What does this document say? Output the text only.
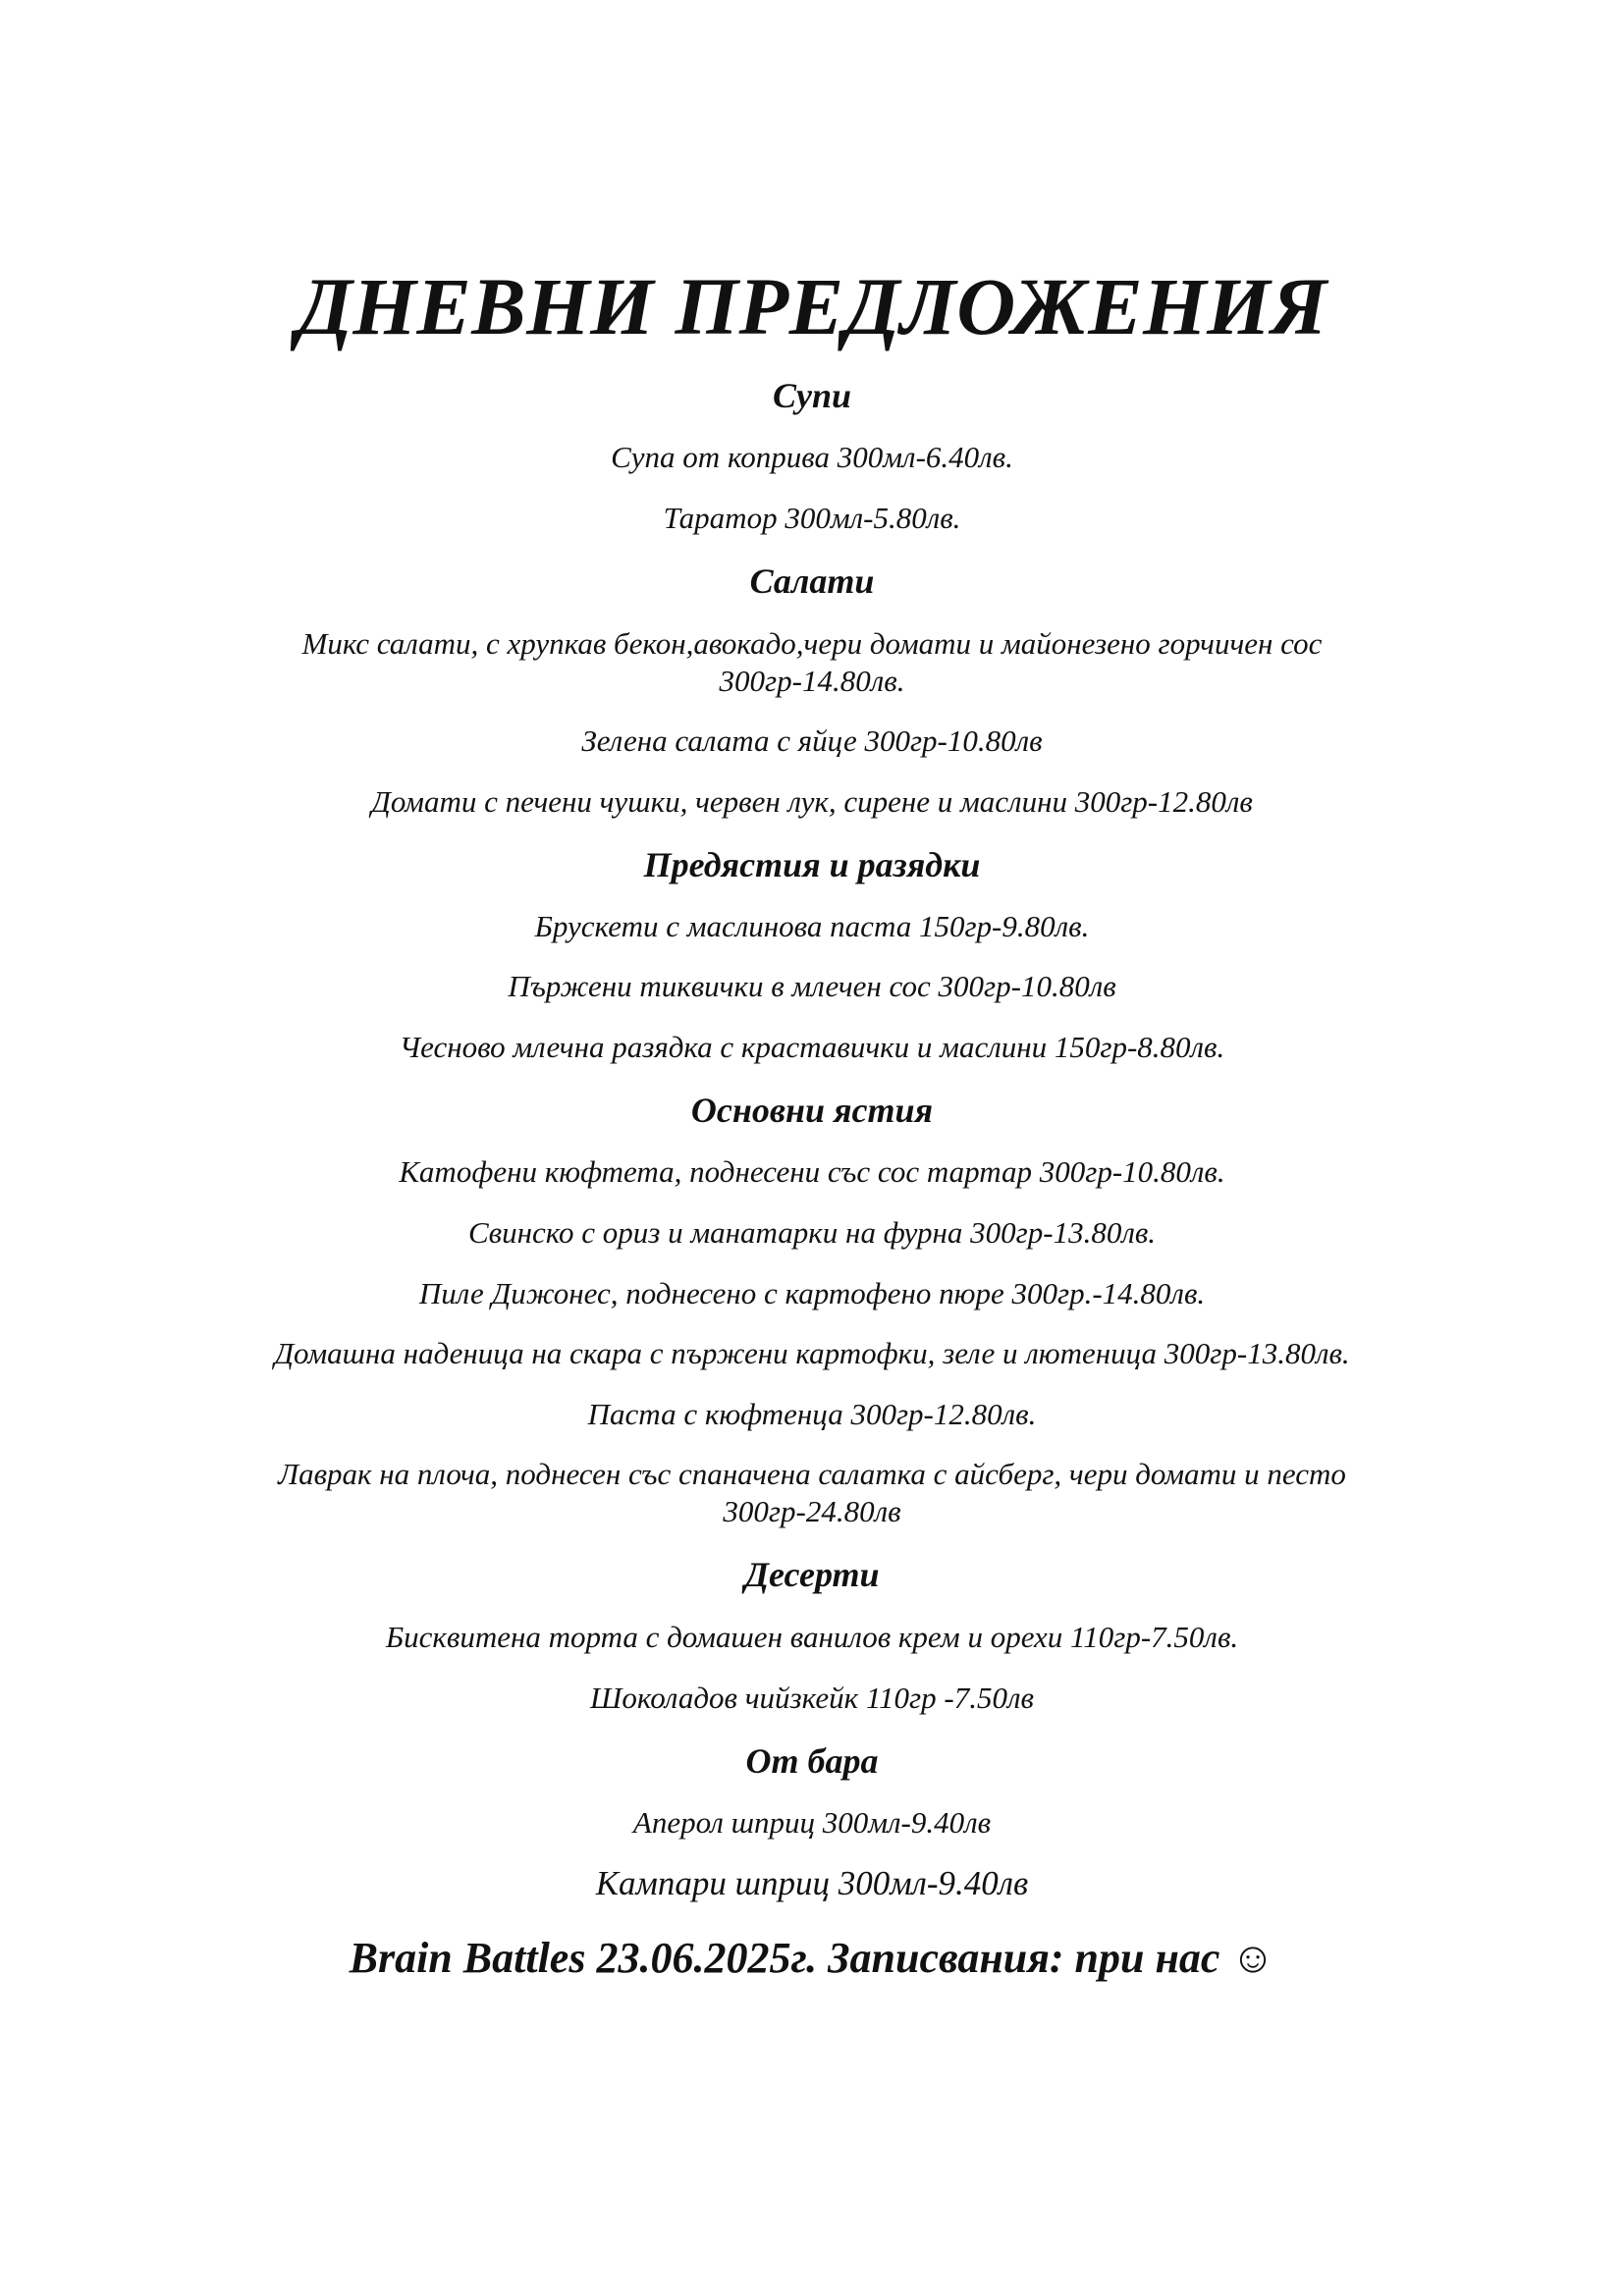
ДНЕВНИ ПРЕДЛОЖЕНИЯ
Супи
Супа от коприва 300мл-6.40лв.
Таратор 300мл-5.80лв.
Салати
Микс салати, с хрупкав бекон,авокадо,чери домати и майонезено горчичен сос 300гр-14.80лв.
Зелена салата с яйце 300гр-10.80лв
Домати с печени чушки, червен лук, сирене и маслини 300гр-12.80лв
Предястия и разядки
Брускети с маслинова паста 150гр-9.80лв.
Пържени тиквички в млечен сос 300гр-10.80лв
Чесново млечна разядка с краставички и маслини 150гр-8.80лв.
Основни ястия
Катофени кюфтета, поднесени със сос тартар 300гр-10.80лв.
Свинско с ориз и манатарки на фурна 300гр-13.80лв.
Пиле Дижонес, поднесено с картофено пюре 300гр.-14.80лв.
Домашна наденица на скара с пържени картофки, зеле и лютеница 300гр-13.80лв.
Паста с кюфтенца 300гр-12.80лв.
Лаврак на плоча, поднесен със спаначена салатка с айсберг, чери домати и песто 300гр-24.80лв
Десерти
Бисквитена торта с домашен ванилов крем и орехи 110гр-7.50лв.
Шоколадов чийзкейк 110гр -7.50лв
От бара
Аперол шприц 300мл-9.40лв
Кампари шприц 300мл-9.40лв
Brain Battles 23.06.2025г. Записвания: при нас ☺
